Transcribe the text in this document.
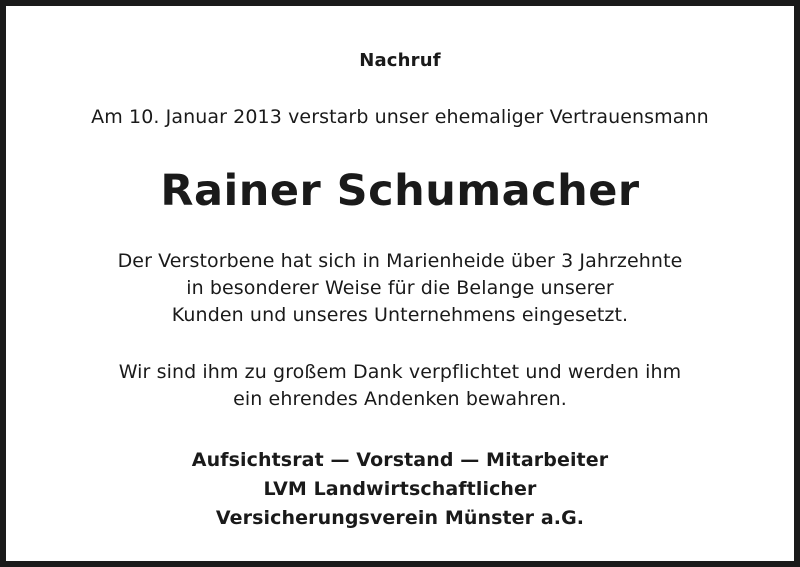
Nachruf
Am 10. Januar 2013 verstarb unser ehemaliger Vertrauensmann
Rainer Schumacher
Der Verstorbene hat sich in Marienheide über 3 Jahrzehnte
in besonderer Weise für die Belange unserer
Kunden und unseres Unternehmens eingesetzt.
Wir sind ihm zu großem Dank verpflichtet und werden ihm
ein ehrendes Andenken bewahren.
Aufsichtsrat — Vorstand — Mitarbeiter
LVM Landwirtschaftlicher
Versicherungsverein Münster a.G.
